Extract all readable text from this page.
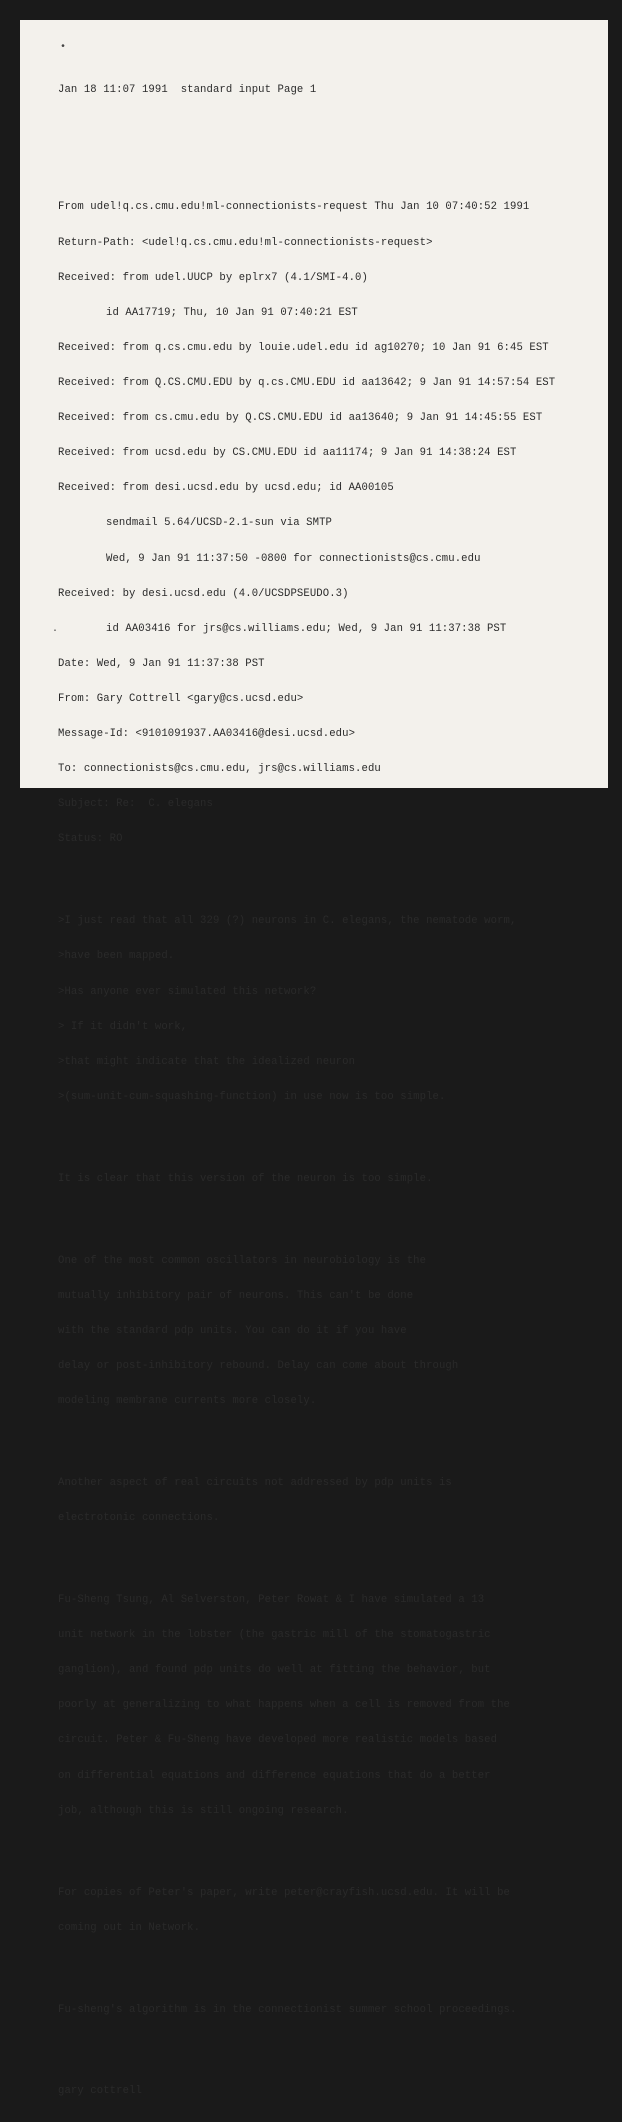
•
·

Jan 18 11:07 1991  standard input Page 1

From udel!q.cs.cmu.edu!ml-connectionists-request Thu Jan 10 07:40:52 1991

Return-Path: <udel!q.cs.cmu.edu!ml-connectionists-request>

Received: from udel.UUCP by eplrx7 (4.1/SMI-4.0)

id AA17719; Thu, 10 Jan 91 07:40:21 EST

Received: from q.cs.cmu.edu by louie.udel.edu id ag10270; 10 Jan 91 6:45 EST

Received: from Q.CS.CMU.EDU by q.cs.CMU.EDU id aa13642; 9 Jan 91 14:57:54 EST

Received: from cs.cmu.edu by Q.CS.CMU.EDU id aa13640; 9 Jan 91 14:45:55 EST

Received: from ucsd.edu by CS.CMU.EDU id aa11174; 9 Jan 91 14:38:24 EST

Received: from desi.ucsd.edu by ucsd.edu; id AA00105

sendmail 5.64/UCSD-2.1-sun via SMTP

Wed, 9 Jan 91 11:37:50 -0800 for connectionists@cs.cmu.edu

Received: by desi.ucsd.edu (4.0/UCSDPSEUDO.3)

id AA03416 for jrs@cs.williams.edu; Wed, 9 Jan 91 11:37:38 PST

Date: Wed, 9 Jan 91 11:37:38 PST

From: Gary Cottrell <gary@cs.ucsd.edu>

Message-Id: <9101091937.AA03416@desi.ucsd.edu>

To: connectionists@cs.cmu.edu, jrs@cs.williams.edu

Subject: Re:  C. elegans

Status: RO

>I just read that all 329 (?) neurons in C. elegans, the nematode worm,

>have been mapped.

>Has anyone ever simulated this network?

> If it didn't work,

>that might indicate that the idealized neuron

>(sum-unit-cum-squashing-function) in use now is too simple.

It is clear that this version of the neuron is too simple.

One of the most common oscillators in neurobiology is the

mutually inhibitory pair of neurons. This can't be done

with the standard pdp units. You can do it if you have

delay or post-inhibitory rebound. Delay can come about through

modeling membrane currents more closely.

Another aspect of real circuits not addressed by pdp units is

electrotonic connections.

Fu-Sheng Tsung, Al Selverston, Peter Rowat & I have simulated a 13

unit network in the lobster (the gastric mill of the stomatogastric

ganglion), and found pdp units do well at fitting the behavior, but

poorly at generalizing to what happens when a cell is removed from the

circuit. Peter & Fu-Sheng have developed more realistic models based

on differential equations and difference equations that do a better

job, although this is still ongoing research.

For copies of Peter's paper, write peter@crayfish.ucsd.edu. It will be

coming out in Network.

Fu-sheng's algorithm is in the connectionist summer school proceedings.

gary cottrell
